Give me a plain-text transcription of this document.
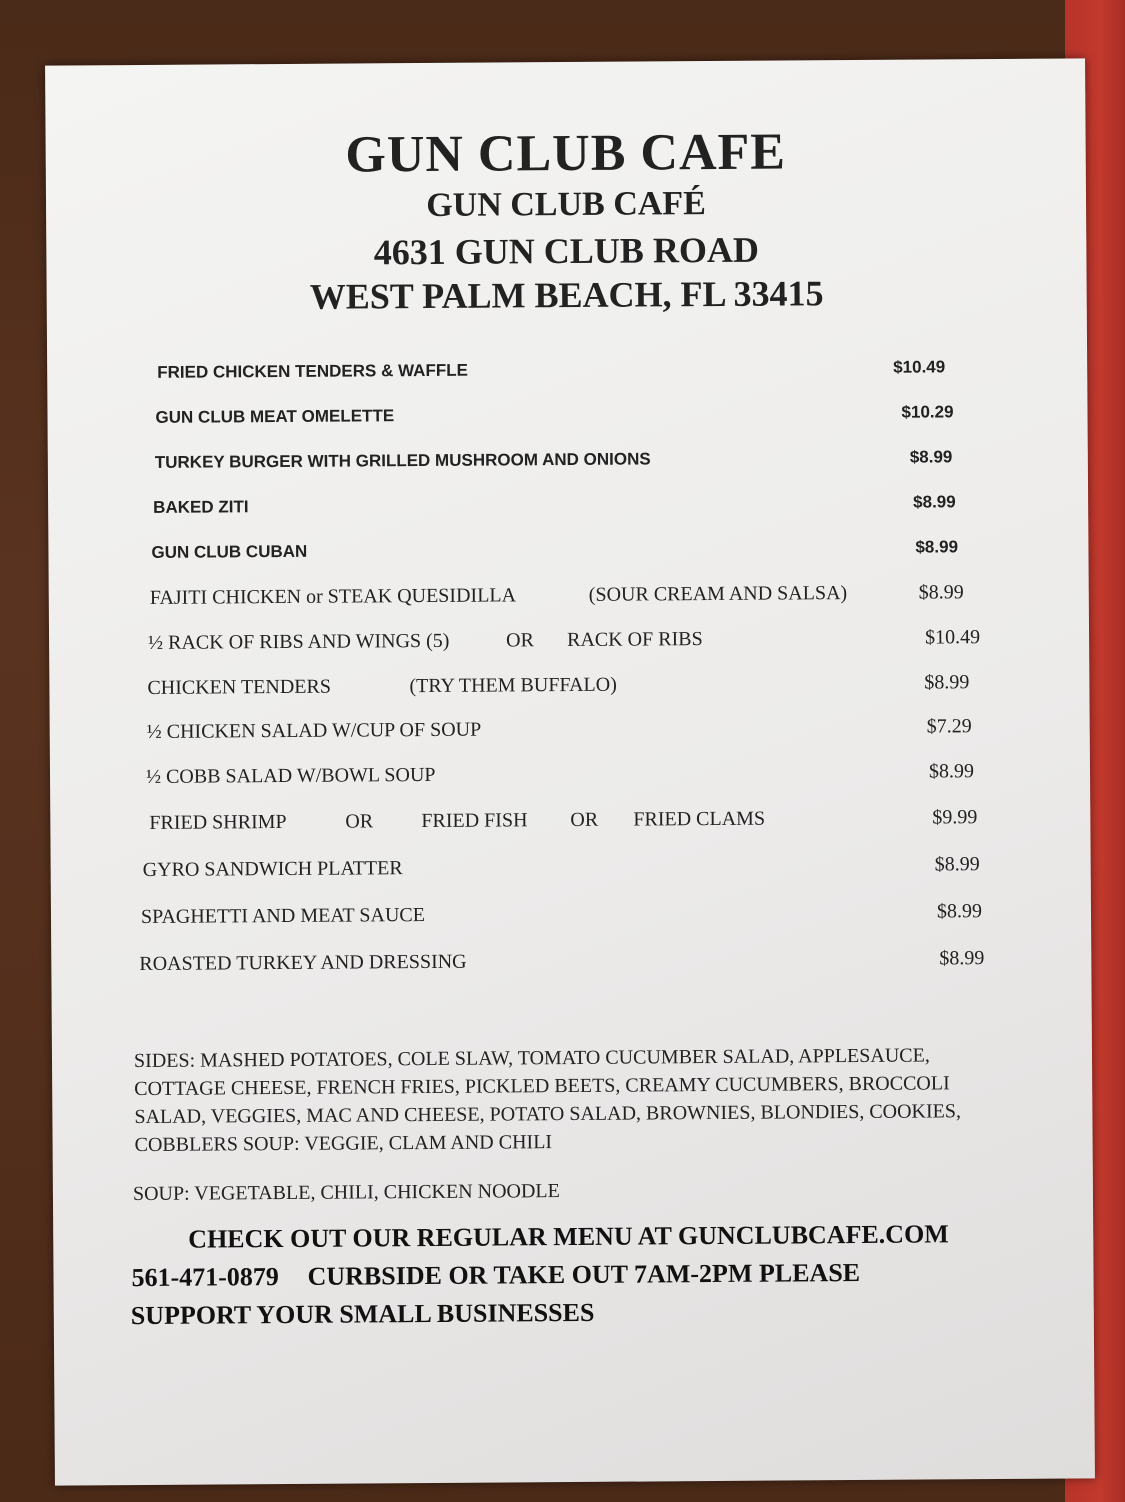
GUN CLUB CAFE
GUN CLUB CAFÉ
4631 GUN CLUB ROAD
WEST PALM BEACH, FL 33415
FRIED CHICKEN TENDERS & WAFFLE	$10.49
GUN CLUB MEAT OMELETTE	$10.29
TURKEY BURGER WITH GRILLED MUSHROOM AND ONIONS	$8.99
BAKED ZITI	$8.99
GUN CLUB CUBAN	$8.99
FAJITI CHICKEN or STEAK QUESIDILLA	(SOUR CREAM AND SALSA)	$8.99
½ RACK OF RIBS AND WINGS (5)	OR RACK OF RIBS	$10.49
CHICKEN TENDERS	(TRY THEM BUFFALO)	$8.99
½ CHICKEN SALAD W/CUP OF SOUP	$7.29
½ COBB SALAD W/BOWL SOUP	$8.99
FRIED SHRIMP	OR FRIED FISH OR FRIED CLAMS	$9.99
GYRO SANDWICH PLATTER	$8.99
SPAGHETTI AND MEAT SAUCE	$8.99
ROASTED TURKEY AND DRESSING	$8.99
SIDES: MASHED POTATOES, COLE SLAW, TOMATO CUCUMBER SALAD, APPLESAUCE,
COTTAGE CHEESE, FRENCH FRIES, PICKLED BEETS, CREAMY CUCUMBERS, BROCCOLI
SALAD, VEGGIES, MAC AND CHEESE, POTATO SALAD, BROWNIES, BLONDIES, COOKIES,
COBBLERS SOUP: VEGGIE, CLAM AND CHILI
SOUP: VEGETABLE, CHILI, CHICKEN NOODLE
CHECK OUT OUR REGULAR MENU AT GUNCLUBCAFE.COM
561-471-0879 CURBSIDE OR TAKE OUT 7AM-2PM PLEASE
SUPPORT YOUR SMALL BUSINESSES
